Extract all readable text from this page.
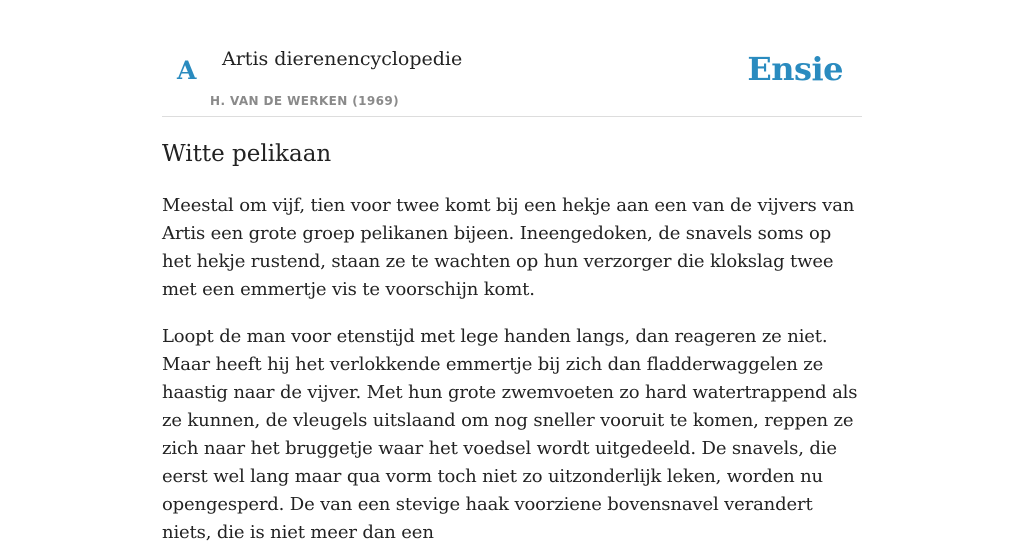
A Artis dierenencyclopedie
H. VAN DE WERKEN (1969)
Ensie
Witte pelikaan

Meestal om vijf, tien voor twee komt bij een hekje aan een van de vijvers van Artis een grote groep pelikanen bijeen. Ineengedoken, de snavels soms op het hekje rustend, staan ze te wachten op hun verzorger die klokslag twee met een emmertje vis te voorschijn komt.

Loopt de man voor etenstijd met lege handen langs, dan reageren ze niet. Maar heeft hij het verlokkende emmertje bij zich dan fladderwaggelen ze haastig naar de vijver. Met hun grote zwemvoeten zo hard watertrappend als ze kunnen, de vleugels uitslaand om nog sneller vooruit te komen, reppen ze zich naar het bruggetje waar het voedsel wordt uitgedeeld. De snavels, die eerst wel lang maar qua vorm toch niet zo uitzonderlijk leken, worden nu opengesperd. De van een stevige haak voorziene bovensnavel verandert niets, die is niet meer dan een
